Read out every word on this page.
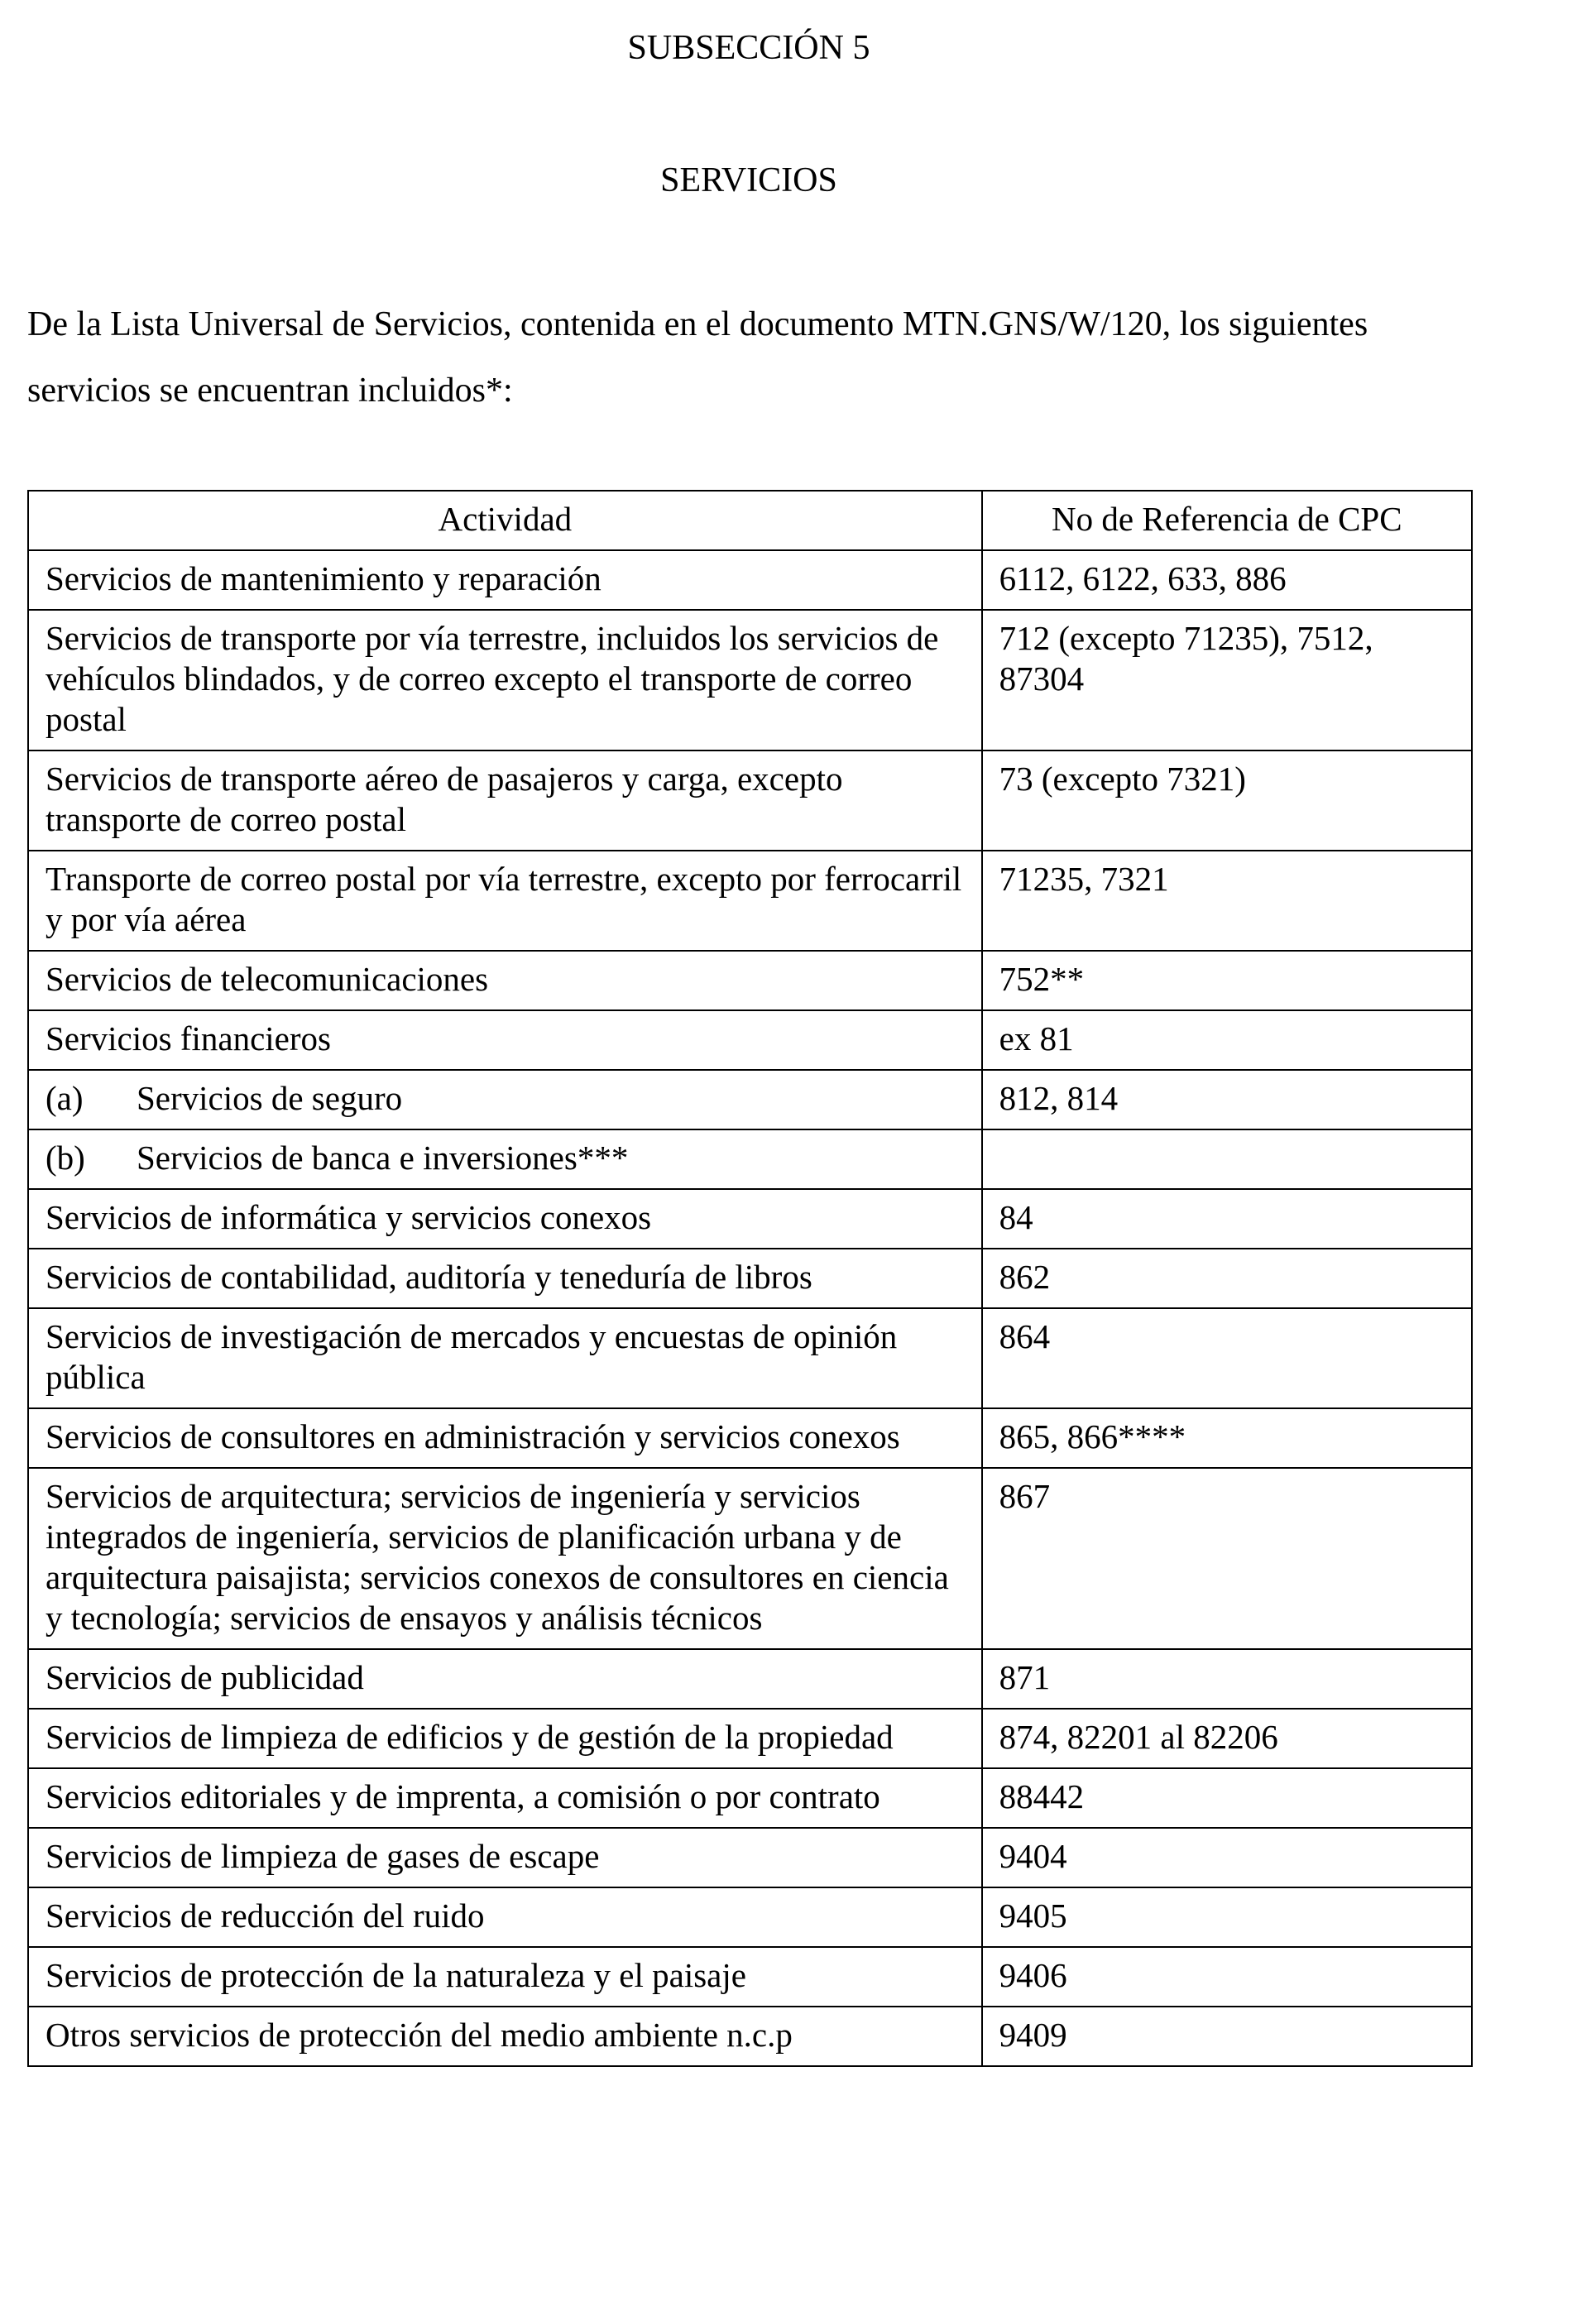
SUBSECCIÓN 5
SERVICIOS

De la Lista Universal de Servicios, contenida en el documento MTN.GNS/W/120, los siguientes servicios se encuentran incluidos*:

Actividad	No de Referencia de CPC
Servicios de mantenimiento y reparación	6112, 6122, 633, 886
Servicios de transporte por vía terrestre, incluidos los servicios de vehículos blindados, y de correo excepto el transporte de correo postal	712 (excepto 71235), 7512, 87304
Servicios de transporte aéreo de pasajeros y carga, excepto transporte de correo postal	73 (excepto 7321)
Transporte de correo postal por vía terrestre, excepto por ferrocarril y por vía aérea	71235, 7321
Servicios de telecomunicaciones	752**
Servicios financieros	ex 81
(a) Servicios de seguro	812, 814
(b) Servicios de banca e inversiones***	
Servicios de informática y servicios conexos	84
Servicios de contabilidad, auditoría y teneduría de libros	862
Servicios de investigación de mercados y encuestas de opinión pública	864
Servicios de consultores en administración y servicios conexos	865, 866****
Servicios de arquitectura; servicios de ingeniería y servicios integrados de ingeniería, servicios de planificación urbana y de arquitectura paisajista; servicios conexos de consultores en ciencia y tecnología; servicios de ensayos y análisis técnicos	867
Servicios de publicidad	871
Servicios de limpieza de edificios y de gestión de la propiedad	874, 82201 al 82206
Servicios editoriales y de imprenta, a comisión o por contrato	88442
Servicios de limpieza de gases de escape	9404
Servicios de reducción del ruido	9405
Servicios de protección de la naturaleza y el paisaje	9406
Otros servicios de protección del medio ambiente n.c.p	9409
